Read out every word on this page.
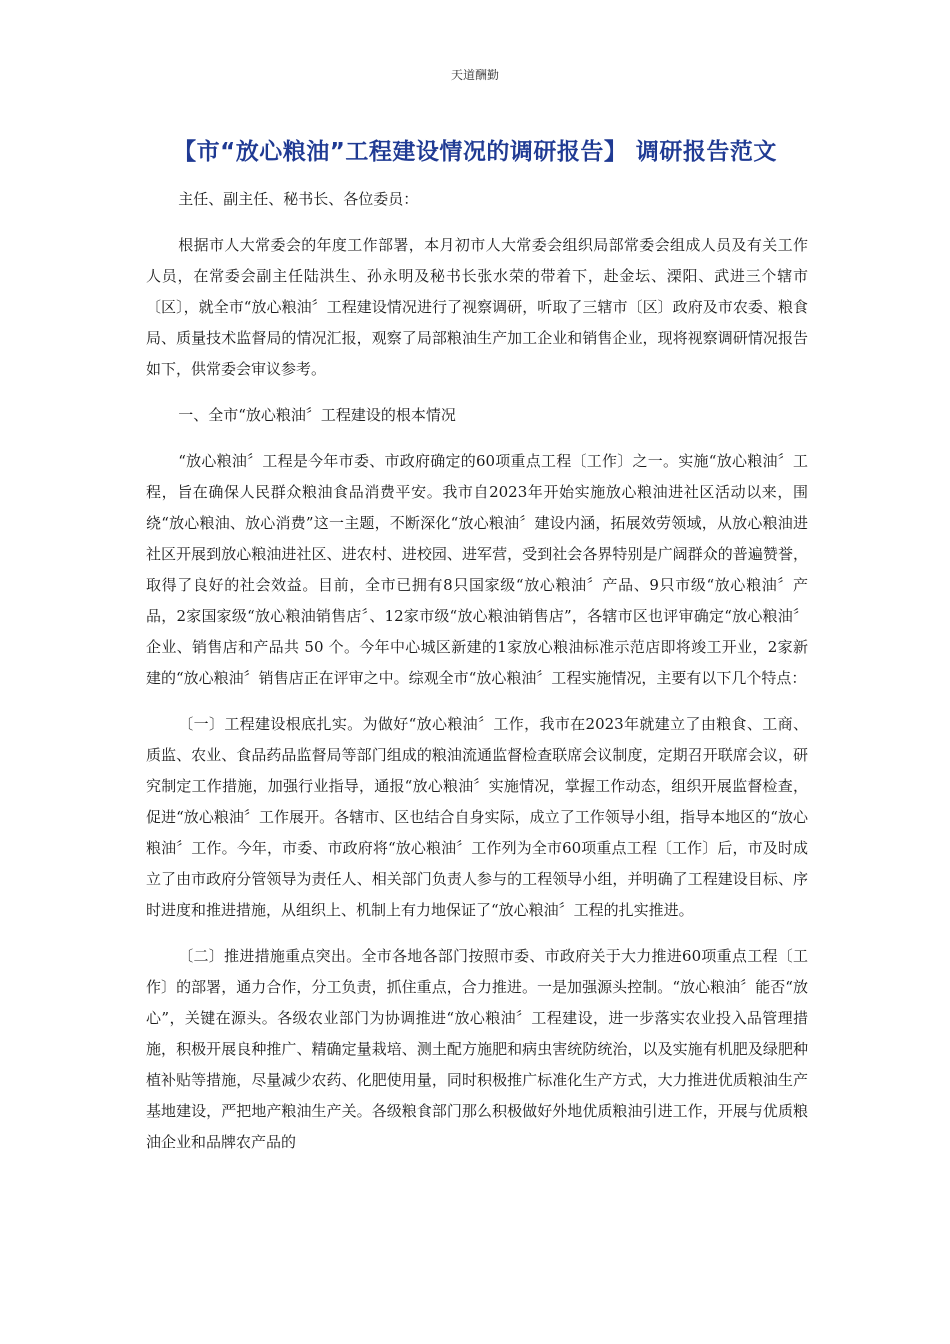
天道酬勤
【市“放心粮油”工程建设情况的调研报告】 调研报告范文

主任、副主任、秘书长、各位委员：

根据市人大常委会的年度工作部署，本月初市人大常委会组织局部常委会组成人员及有关工作人员，在常委会副主任陆洪生、孙永明及秘书长张水荣的带着下，赴金坛、溧阳、武进三个辖市〔区〕，就全市“放心粮油〞工程建设情况进行了视察调研，听取了三辖市〔区〕政府及市农委、粮食局、质量技术监督局的情况汇报，观察了局部粮油生产加工企业和销售企业，现将视察调研情况报告如下，供常委会审议参考。

一、全市“放心粮油〞工程建设的根本情况

“放心粮油〞工程是今年市委、市政府确定的60项重点工程〔工作〕之一。实施“放心粮油〞工程，旨在确保人民群众粮油食品消费平安。我市自2023年开始实施放心粮油进社区活动以来，围绕“放心粮油、放心消费”这一主题，不断深化“放心粮油〞建设内涵，拓展效劳领域，从放心粮油进社区开展到放心粮油进社区、进农村、进校园、进军营，受到社会各界特别是广阔群众的普遍赞誉，取得了良好的社会效益。目前，全市已拥有8只国家级“放心粮油〞产品、9只市级“放心粮油〞产品，2家国家级“放心粮油销售店〞、12家市级“放心粮油销售店”，各辖市区也评审确定“放心粮油〞企业、销售店和产品共 50 个。今年中心城区新建的1家放心粮油标准示范店即将竣工开业，2家新建的“放心粮油〞销售店正在评审之中。综观全市“放心粮油〞工程实施情况，主要有以下几个特点：

〔一〕工程建设根底扎实。为做好“放心粮油〞工作，我市在2023年就建立了由粮食、工商、质监、农业、食品药品监督局等部门组成的粮油流通监督检查联席会议制度，定期召开联席会议，研究制定工作措施，加强行业指导，通报“放心粮油〞实施情况，掌握工作动态，组织开展监督检查，促进“放心粮油〞工作展开。各辖市、区也结合自身实际，成立了工作领导小组，指导本地区的“放心粮油〞工作。今年，市委、市政府将“放心粮油〞工作列为全市60项重点工程〔工作〕后，市及时成立了由市政府分管领导为责任人、相关部门负责人参与的工程领导小组，并明确了工程建设目标、序时进度和推进措施，从组织上、机制上有力地保证了“放心粮油〞工程的扎实推进。

〔二〕推进措施重点突出。全市各地各部门按照市委、市政府关于大力推进60项重点工程〔工作〕的部署，通力合作，分工负责，抓住重点，合力推进。一是加强源头控制。“放心粮油〞能否“放心”，关键在源头。各级农业部门为协调推进“放心粮油〞工程建设，进一步落实农业投入品管理措施，积极开展良种推广、精确定量栽培、测土配方施肥和病虫害统防统治，以及实施有机肥及绿肥种植补贴等措施，尽量减少农药、化肥使用量，同时积极推广标准化生产方式，大力推进优质粮油生产基地建设，严把地产粮油生产关。各级粮食部门那么积极做好外地优质粮油引进工作，开展与优质粮油企业和品牌农产品的
